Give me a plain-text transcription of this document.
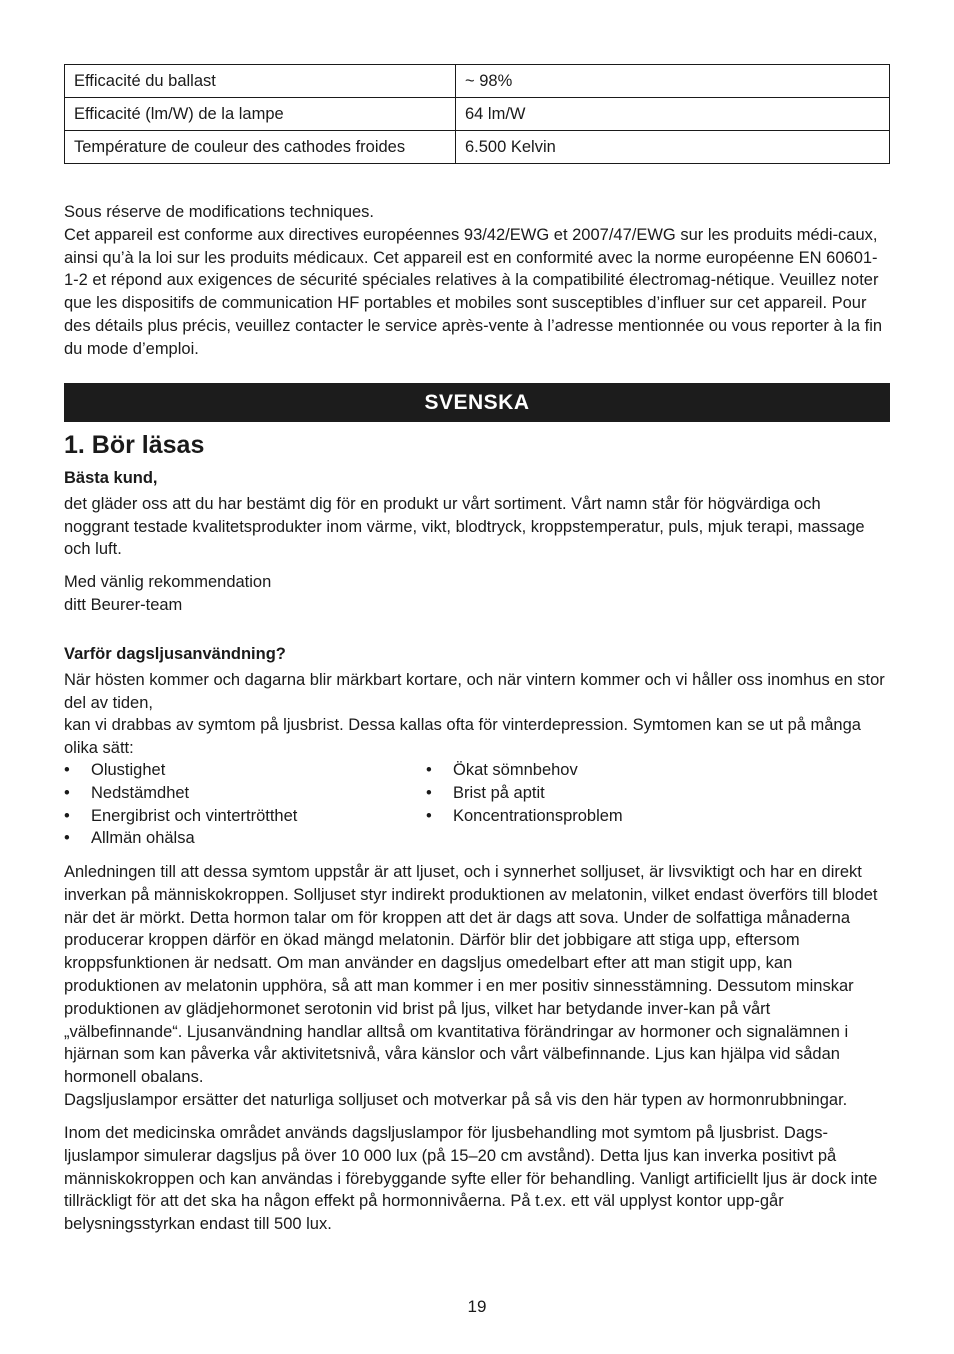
Efficacité du ballast	~ 98%
Efficacité (lm/W) de la lampe	64 lm/W
Température de couleur des cathodes froides	6.500 Kelvin

Sous réserve de modifications techniques.

Cet appareil est conforme aux directives européennes 93/42/EWG et 2007/47/EWG sur les produits médi-caux, ainsi qu’à la loi sur les produits médicaux. Cet appareil est en conformité avec la norme européenne EN 60601-1-2 et répond aux exigences de sécurité spéciales relatives à la compatibilité électromag-nétique. Veuillez noter que les dispositifs de communication HF portables et mobiles sont susceptibles d’influer sur cet appareil. Pour des détails plus précis, veuillez contacter le service après-vente à l’adresse mentionnée ou vous reporter à la fin du mode d’emploi.

SVENSKA
1. Bör läsas

Bästa kund,

det gläder oss att du har bestämt dig för en produkt ur vårt sortiment. Vårt namn står för högvärdiga och noggrant testade kvalitetsprodukter inom värme, vikt, blodtryck, kroppstemperatur, puls, mjuk terapi, massage och luft.

Med vänlig rekommendation

ditt Beurer-team

Varför dagsljusanvändning?

När hösten kommer och dagarna blir märkbart kortare, och när vintern kommer och vi håller oss inomhus en stor del av tiden,

kan vi drabbas av symtom på ljusbrist. Dessa kallas ofta för vinterdepression. Symtomen kan se ut på många olika sätt:

• Olustighet
• Nedstämdhet
• Energibrist och vintertrötthet
• Allmän ohälsa
• Ökat sömnbehov
• Brist på aptit
• Koncentrationsproblem

Anledningen till att dessa symtom uppstår är att ljuset, och i synnerhet solljuset, är livsviktigt och har en direkt inverkan på människokroppen. Solljuset styr indirekt produktionen av melatonin, vilket endast överförs till blodet när det är mörkt. Detta hormon talar om för kroppen att det är dags att sova. Under de solfattiga månaderna producerar kroppen därför en ökad mängd melatonin. Därför blir det jobbigare att stiga upp, eftersom kroppsfunktionen är nedsatt. Om man använder en dagsljus omedelbart efter att man stigit upp, kan produktionen av melatonin upphöra, så att man kommer i en mer positiv sinnesstämning. Dessutom minskar produktionen av glädjehormonet serotonin vid brist på ljus, vilket har betydande inver-kan på vårt „välbefinnande“. Ljusanvändning handlar alltså om kvantitativa förändringar av hormoner och signalämnen i hjärnan som kan påverka vår aktivitetsnivå, våra känslor och vårt välbefinnande. Ljus kan hjälpa vid sådan hormonell obalans.

Dagsljuslampor ersätter det naturliga solljuset och motverkar på så vis den här typen av hormonrubbningar.

Inom det medicinska området används dagsljuslampor för ljusbehandling mot symtom på ljusbrist. Dags-ljuslampor simulerar dagsljus på över 10 000 lux (på 15–20 cm avstånd). Detta ljus kan inverka positivt på människokroppen och kan användas i förebyggande syfte eller för behandling. Vanligt artificiellt ljus är dock inte tillräckligt för att det ska ha någon effekt på hormonnivåerna. På t.ex. ett väl upplyst kontor upp-går belysningsstyrkan endast till 500 lux.

19
